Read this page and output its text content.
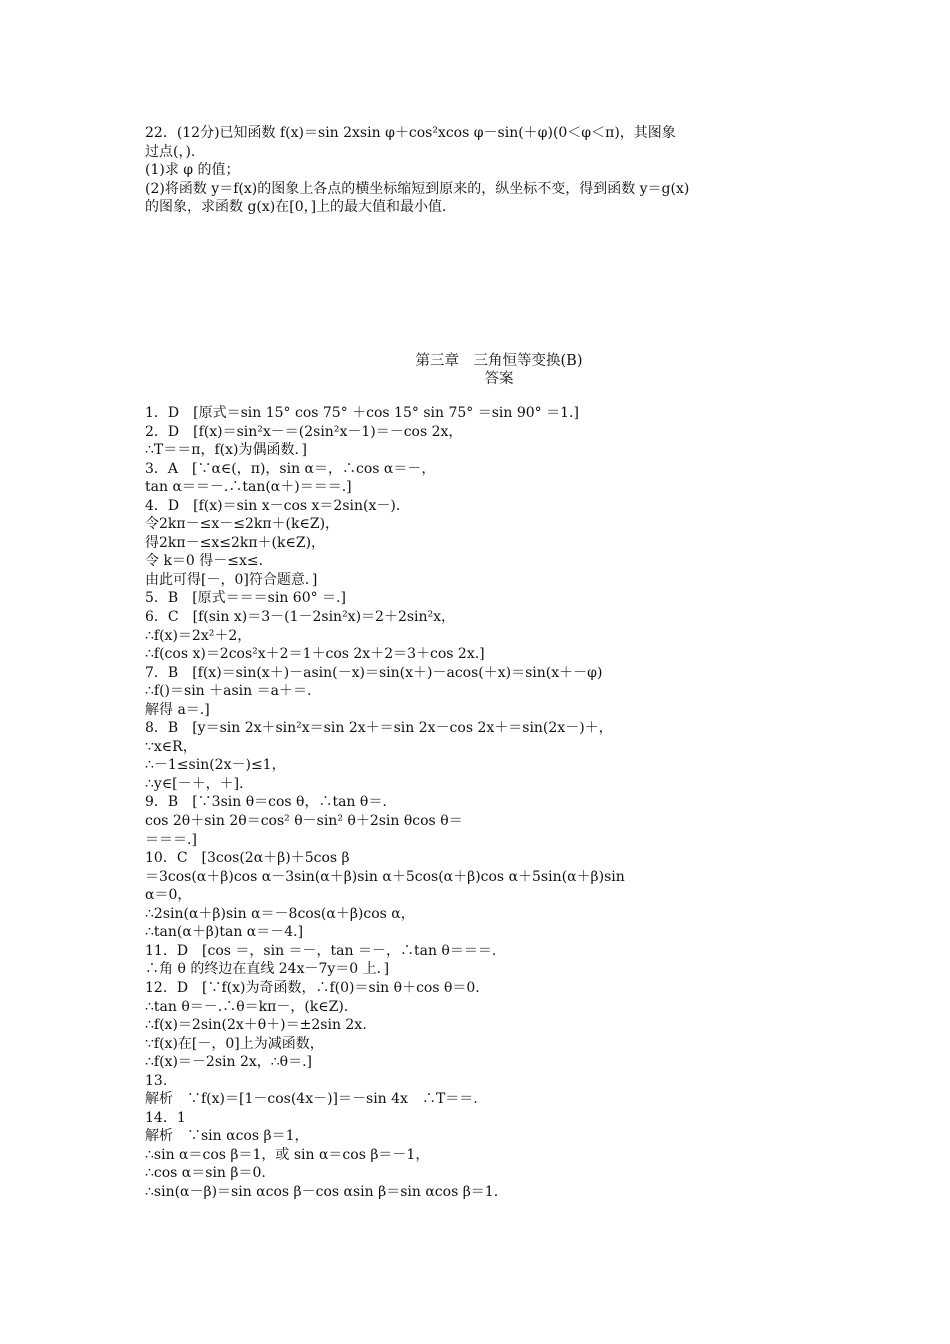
22．(12分)已知函数 f(x)＝sin 2xsin φ＋cos²xcos φ－sin(＋φ)(0＜φ＜π)，其图象
过点(，)．
(1)求 φ 的值；
(2)将函数 y＝f(x)的图象上各点的横坐标缩短到原来的，纵坐标不变，得到函数 y＝g(x)
的图象，求函数 g(x)在[0，]上的最大值和最小值．
第三章　三角恒等变换(B)
答案
1．D　[原式＝sin 15° cos 75° ＋cos 15° sin 75° ＝sin 90° ＝1.]
2．D　[f(x)＝sin²x－＝(2sin²x－1)＝－cos 2x，
∴T＝＝π，f(x)为偶函数．]
3．A　[∵α∈(，π)，sin α＝，∴cos α＝－，
tan α＝＝－.∴tan(α＋)＝＝＝.]
4．D　[f(x)＝sin x－cos x＝2sin(x－)．
令2kπ－≤x－≤2kπ＋(k∈Z)，
得2kπ－≤x≤2kπ＋(k∈Z)，
令 k＝0 得－≤x≤.
由此可得[－，0]符合题意．]
5．B　[原式＝＝＝sin 60° ＝.]
6．C　[f(sin x)＝3－(1－2sin²x)＝2＋2sin²x，
∴f(x)＝2x²＋2，
∴f(cos x)＝2cos²x＋2＝1＋cos 2x＋2＝3＋cos 2x.]
7．B　[f(x)＝sin(x＋)－asin(－x)＝sin(x＋)－acos(＋x)＝sin(x＋－φ)
∴f()＝sin ＋asin ＝a＋＝.
解得 a＝.]
8．B　[y＝sin 2x＋sin²x＝sin 2x＋＝sin 2x－cos 2x＋＝sin(2x－)＋，
∵x∈R，
∴－1≤sin(2x－)≤1，
∴y∈[－＋，＋]．
9．B　[∵3sin θ＝cos θ，∴tan θ＝.
cos 2θ＋sin 2θ＝cos² θ－sin² θ＋2sin θcos θ＝
＝＝＝.]
10．C　[3cos(2α＋β)＋5cos β
＝3cos(α＋β)cos α－3sin(α＋β)sin α＋5cos(α＋β)cos α＋5sin(α＋β)sin
α＝0，
∴2sin(α＋β)sin α＝－8cos(α＋β)cos α，
∴tan(α＋β)tan α＝－4.]
11．D　[cos ＝，sin ＝－，tan ＝－，∴tan θ＝＝＝.
∴角 θ 的终边在直线 24x－7y＝0 上．]
12．D　[∵f(x)为奇函数，∴f(0)＝sin θ＋cos θ＝0.
∴tan θ＝－.∴θ＝kπ－，(k∈Z)．
∴f(x)＝2sin(2x＋θ＋)＝±2sin 2x.
∵f(x)在[－，0]上为减函数，
∴f(x)＝－2sin 2x，∴θ＝.]
13.
解析　∵f(x)＝[1－cos(4x－)]＝－sin 4x　∴T＝＝.
14．1
解析　∵sin αcos β＝1，
∴sin α＝cos β＝1，或 sin α＝cos β＝－1，
∴cos α＝sin β＝0.
∴sin(α－β)＝sin αcos β－cos αsin β＝sin αcos β＝1.
